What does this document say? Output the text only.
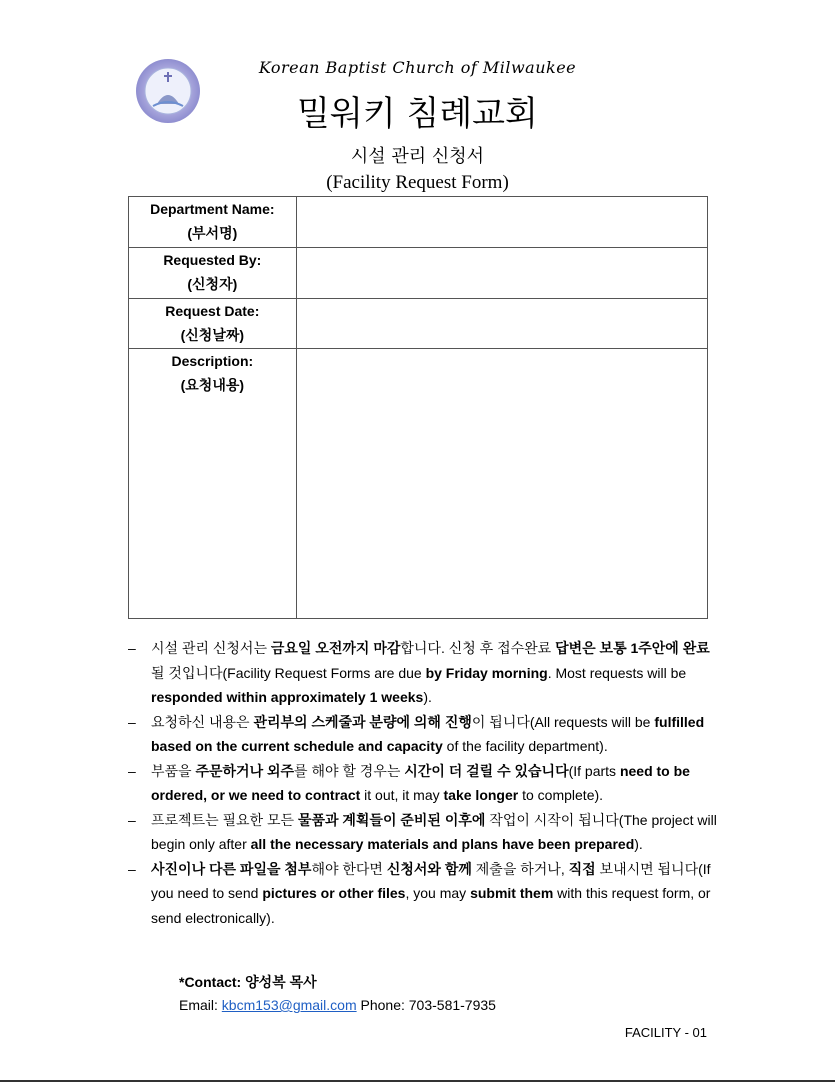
Korean Baptist Church of Milwaukee
밀워키 침례교회
시설 관리 신청서
(Facility Request Form)
Department Name:
(부서명)	

Requested By:
(신청자)	

Request Date:
(신청날짜)	

Description:
(요청내용)	

– 시설 관리 신청서는 금요일 오전까지 마감합니다. 신청 후 접수완료 답변은 보통 1주안에 완료될 것입니다(Facility Request Forms are due by Friday morning. Most requests will be responded within approximately 1 weeks).
– 요청하신 내용은 관리부의 스케줄과 분량에 의해 진행이 됩니다(All requests will be fulfilled based on the current schedule and capacity of the facility department).
– 부품을 주문하거나 외주를 해야 할 경우는 시간이 더 걸릴 수 있습니다(If parts need to be ordered, or we need to contract it out, it may take longer to complete).
– 프로젝트는 필요한 모든 물품과 계획들이 준비된 이후에 작업이 시작이 됩니다(The project will begin only after all the necessary materials and plans have been prepared).
– 사진이나 다른 파일을 첨부해야 한다면 신청서와 함께 제출을 하거나, 직접 보내시면 됩니다(If you need to send pictures or other files, you may submit them with this request form, or send electronically).
*Contact: 양성복 목사
Email: kbcm153@gmail.com Phone: 703-581-7935
FACILITY - 01
